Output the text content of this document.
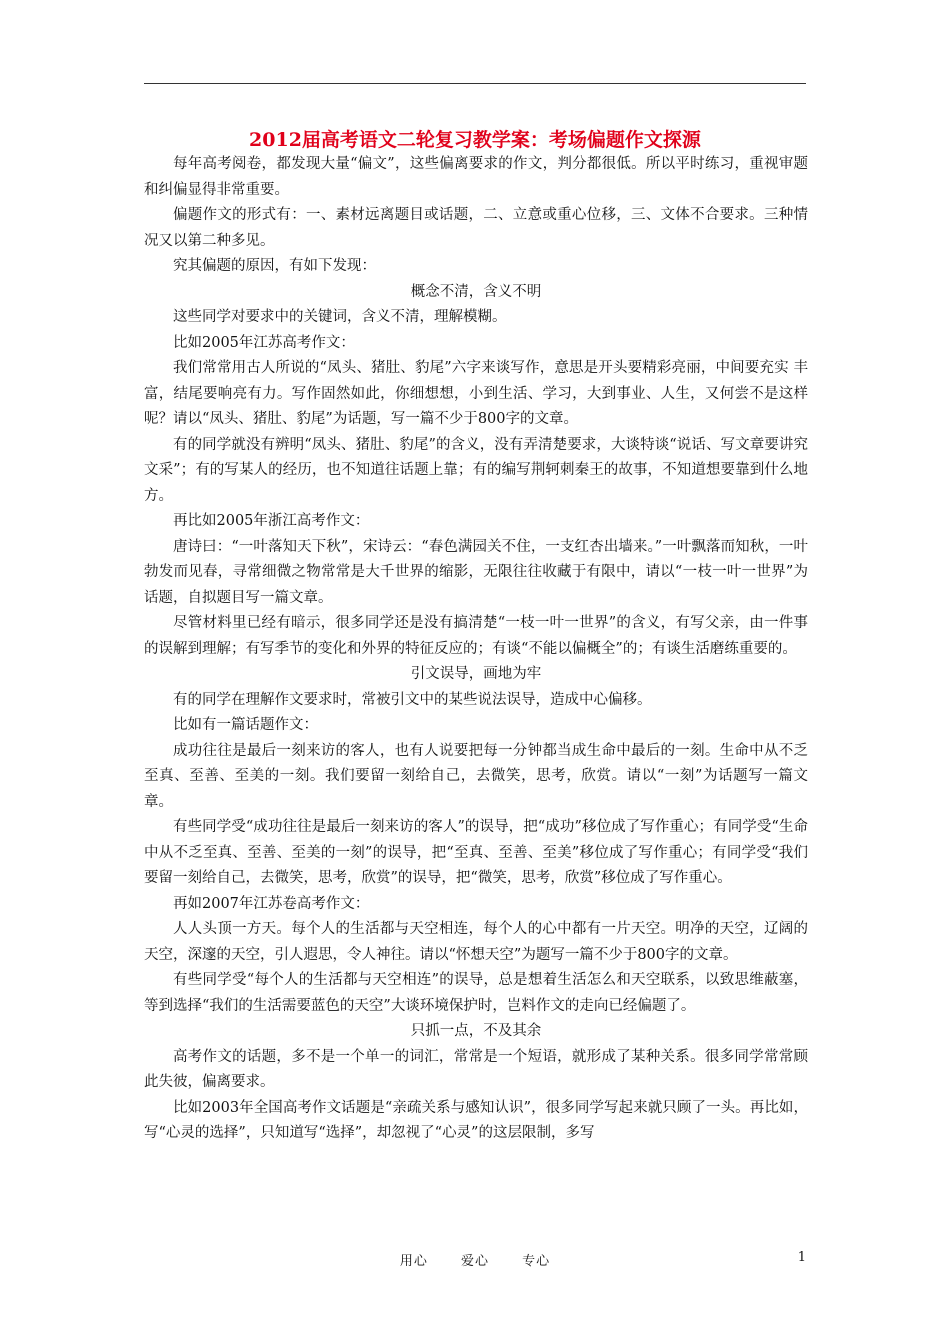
2012届高考语文二轮复习教学案：考场偏题作文探源

每年高考阅卷，都发现大量“偏文”，这些偏离要求的作文，判分都很低。所以平时练习，重视审题和纠偏显得非常重要。

偏题作文的形式有：一、素材远离题目或话题，二、立意或重心位移，三、文体不合要求。三种情况又以第二种多见。

究其偏题的原因，有如下发现：

概念不清，含义不明

这些同学对要求中的关键词，含义不清，理解模糊。

比如2005年江苏高考作文：

我们常常用古人所说的“凤头、猪肚、豹尾”六字来谈写作，意思是开头要精彩亮丽，中间要充实 丰富，结尾要响亮有力。写作固然如此，你细想想，小到生活、学习，大到事业、人生，又何尝不是这样呢？请以“凤头、猪肚、豹尾”为话题，写一篇不少于800字的文章。

有的同学就没有辨明“凤头、猪肚、豹尾”的含义，没有弄清楚要求，大谈特谈“说话、写文章要讲究文采”；有的写某人的经历，也不知道往话题上靠；有的编写荆轲刺秦王的故事，不知道想要靠到什么地方。

再比如2005年浙江高考作文：

唐诗曰：“一叶落知天下秋”，宋诗云：“春色满园关不住，一支红杏出墙来。”一叶飘落而知秋，一叶勃发而见春，寻常细微之物常常是大千世界的缩影，无限往往收藏于有限中，请以“一枝一叶一世界”为话题，自拟题目写一篇文章。

尽管材料里已经有暗示，很多同学还是没有搞清楚“一枝一叶一世界”的含义，有写父亲，由一件事的误解到理解；有写季节的变化和外界的特征反应的；有谈“不能以偏概全”的；有谈生活磨练重要的。

引文误导，画地为牢

有的同学在理解作文要求时，常被引文中的某些说法误导，造成中心偏移。

比如有一篇话题作文：

成功往往是最后一刻来访的客人，也有人说要把每一分钟都当成生命中最后的一刻。生命中从不乏至真、至善、至美的一刻。我们要留一刻给自己，去微笑，思考，欣赏。请以“一刻”为话题写一篇文章。

有些同学受“成功往往是最后一刻来访的客人”的误导，把“成功”移位成了写作重心；有同学受“生命中从不乏至真、至善、至美的一刻”的误导，把“至真、至善、至美”移位成了写作重心；有同学受“我们要留一刻给自己，去微笑，思考，欣赏”的误导，把“微笑，思考，欣赏”移位成了写作重心。

再如2007年江苏卷高考作文：

人人头顶一方天。每个人的生活都与天空相连，每个人的心中都有一片天空。明净的天空，辽阔的天空，深邃的天空，引人遐思，令人神往。请以“怀想天空”为题写一篇不少于800字的文章。

有些同学受“每个人的生活都与天空相连”的误导，总是想着生活怎么和天空联系，以致思维蔽塞，等到选择“我们的生活需要蓝色的天空”大谈环境保护时，岂料作文的走向已经偏题了。

只抓一点，不及其余

高考作文的话题，多不是一个单一的词汇，常常是一个短语，就形成了某种关系。很多同学常常顾此失彼，偏离要求。

比如2003年全国高考作文话题是“亲疏关系与感知认识”，很多同学写起来就只顾了一头。再比如，写“心灵的选择”，只知道写“选择”，却忽视了“心灵”的这层限制，多写

用心	爱心	专心	1
